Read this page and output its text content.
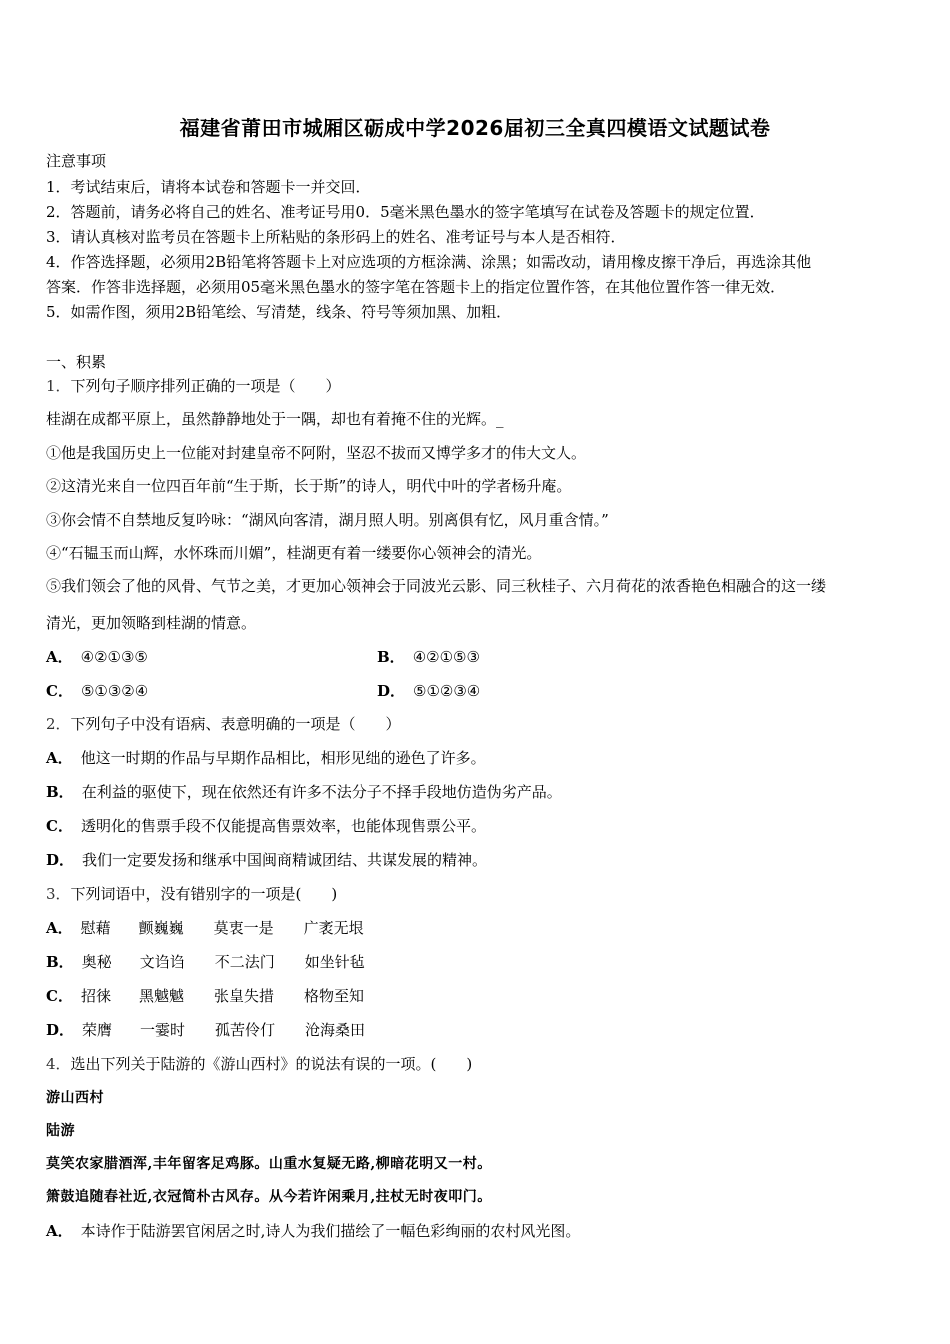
福建省莆田市城厢区砺成中学2026届初三全真四模语文试题试卷
注意事项
1．考试结束后，请将本试卷和答题卡一并交回．
2．答题前，请务必将自己的姓名、准考证号用0．5毫米黑色墨水的签字笔填写在试卷及答题卡的规定位置．
3．请认真核对监考员在答题卡上所粘贴的条形码上的姓名、准考证号与本人是否相符．
4．作答选择题，必须用2B铅笔将答题卡上对应选项的方框涂满、涂黑；如需改动，请用橡皮擦干净后，再选涂其他
答案．作答非选择题，必须用05毫米黑色墨水的签字笔在答题卡上的指定位置作答，在其他位置作答一律无效．
5．如需作图，须用2B铅笔绘、写清楚，线条、符号等须加黑、加粗．
一、积累
1．下列句子顺序排列正确的一项是（　　）
桂湖在成都平原上，虽然静静地处于一隅，却也有着掩不住的光辉。_
①他是我国历史上一位能对封建皇帝不阿附，坚忍不拔而又博学多才的伟大文人。
②这清光来自一位四百年前“生于斯，长于斯”的诗人，明代中叶的学者杨升庵。
③你会情不自禁地反复吟咏：“湖风向客清，湖月照人明。别离俱有忆，风月重含情。”
④“石韫玉而山辉，水怀珠而川媚”，桂湖更有着一缕要你心领神会的清光。
⑤我们领会了他的风骨、气节之美，才更加心领神会于同波光云影、同三秋桂子、六月荷花的浓香艳色相融合的这一缕
清光，更加领略到桂湖的情意。
A． ④②①③⑤	B． ④②①⑤③
C． ⑤①③②④	D． ⑤①②③④
2．下列句子中没有语病、表意明确的一项是（　　）
A． 他这一时期的作品与早期作品相比，相形见绌的逊色了许多。
B． 在利益的驱使下，现在依然还有许多不法分子不择手段地仿造伪劣产品。
C． 透明化的售票手段不仅能提高售票效率，也能体现售票公平。
D． 我们一定要发扬和继承中国闽商精诚团结、共谋发展的精神。
3．下列词语中，没有错别字的一项是(　　)
A． 慰藉 颤巍巍 莫衷一是 广袤无垠
B． 奥秘 文诌诌 不二法门 如坐针毡
C． 招徕 黑魆魆 张皇失措 格物至知
D． 荣膺 一霎时 孤苦伶仃 沧海桑田
4．选出下列关于陆游的《游山西村》的说法有误的一项。(　　)
游山西村
陆游
莫笑农家腊酒浑,丰年留客足鸡豚。山重水复疑无路,柳暗花明又一村。
箫鼓追随春社近,衣冠简朴古风存。从今若许闲乘月,拄杖无时夜叩门。
A． 本诗作于陆游罢官闲居之时,诗人为我们描绘了一幅色彩绚丽的农村风光图。
